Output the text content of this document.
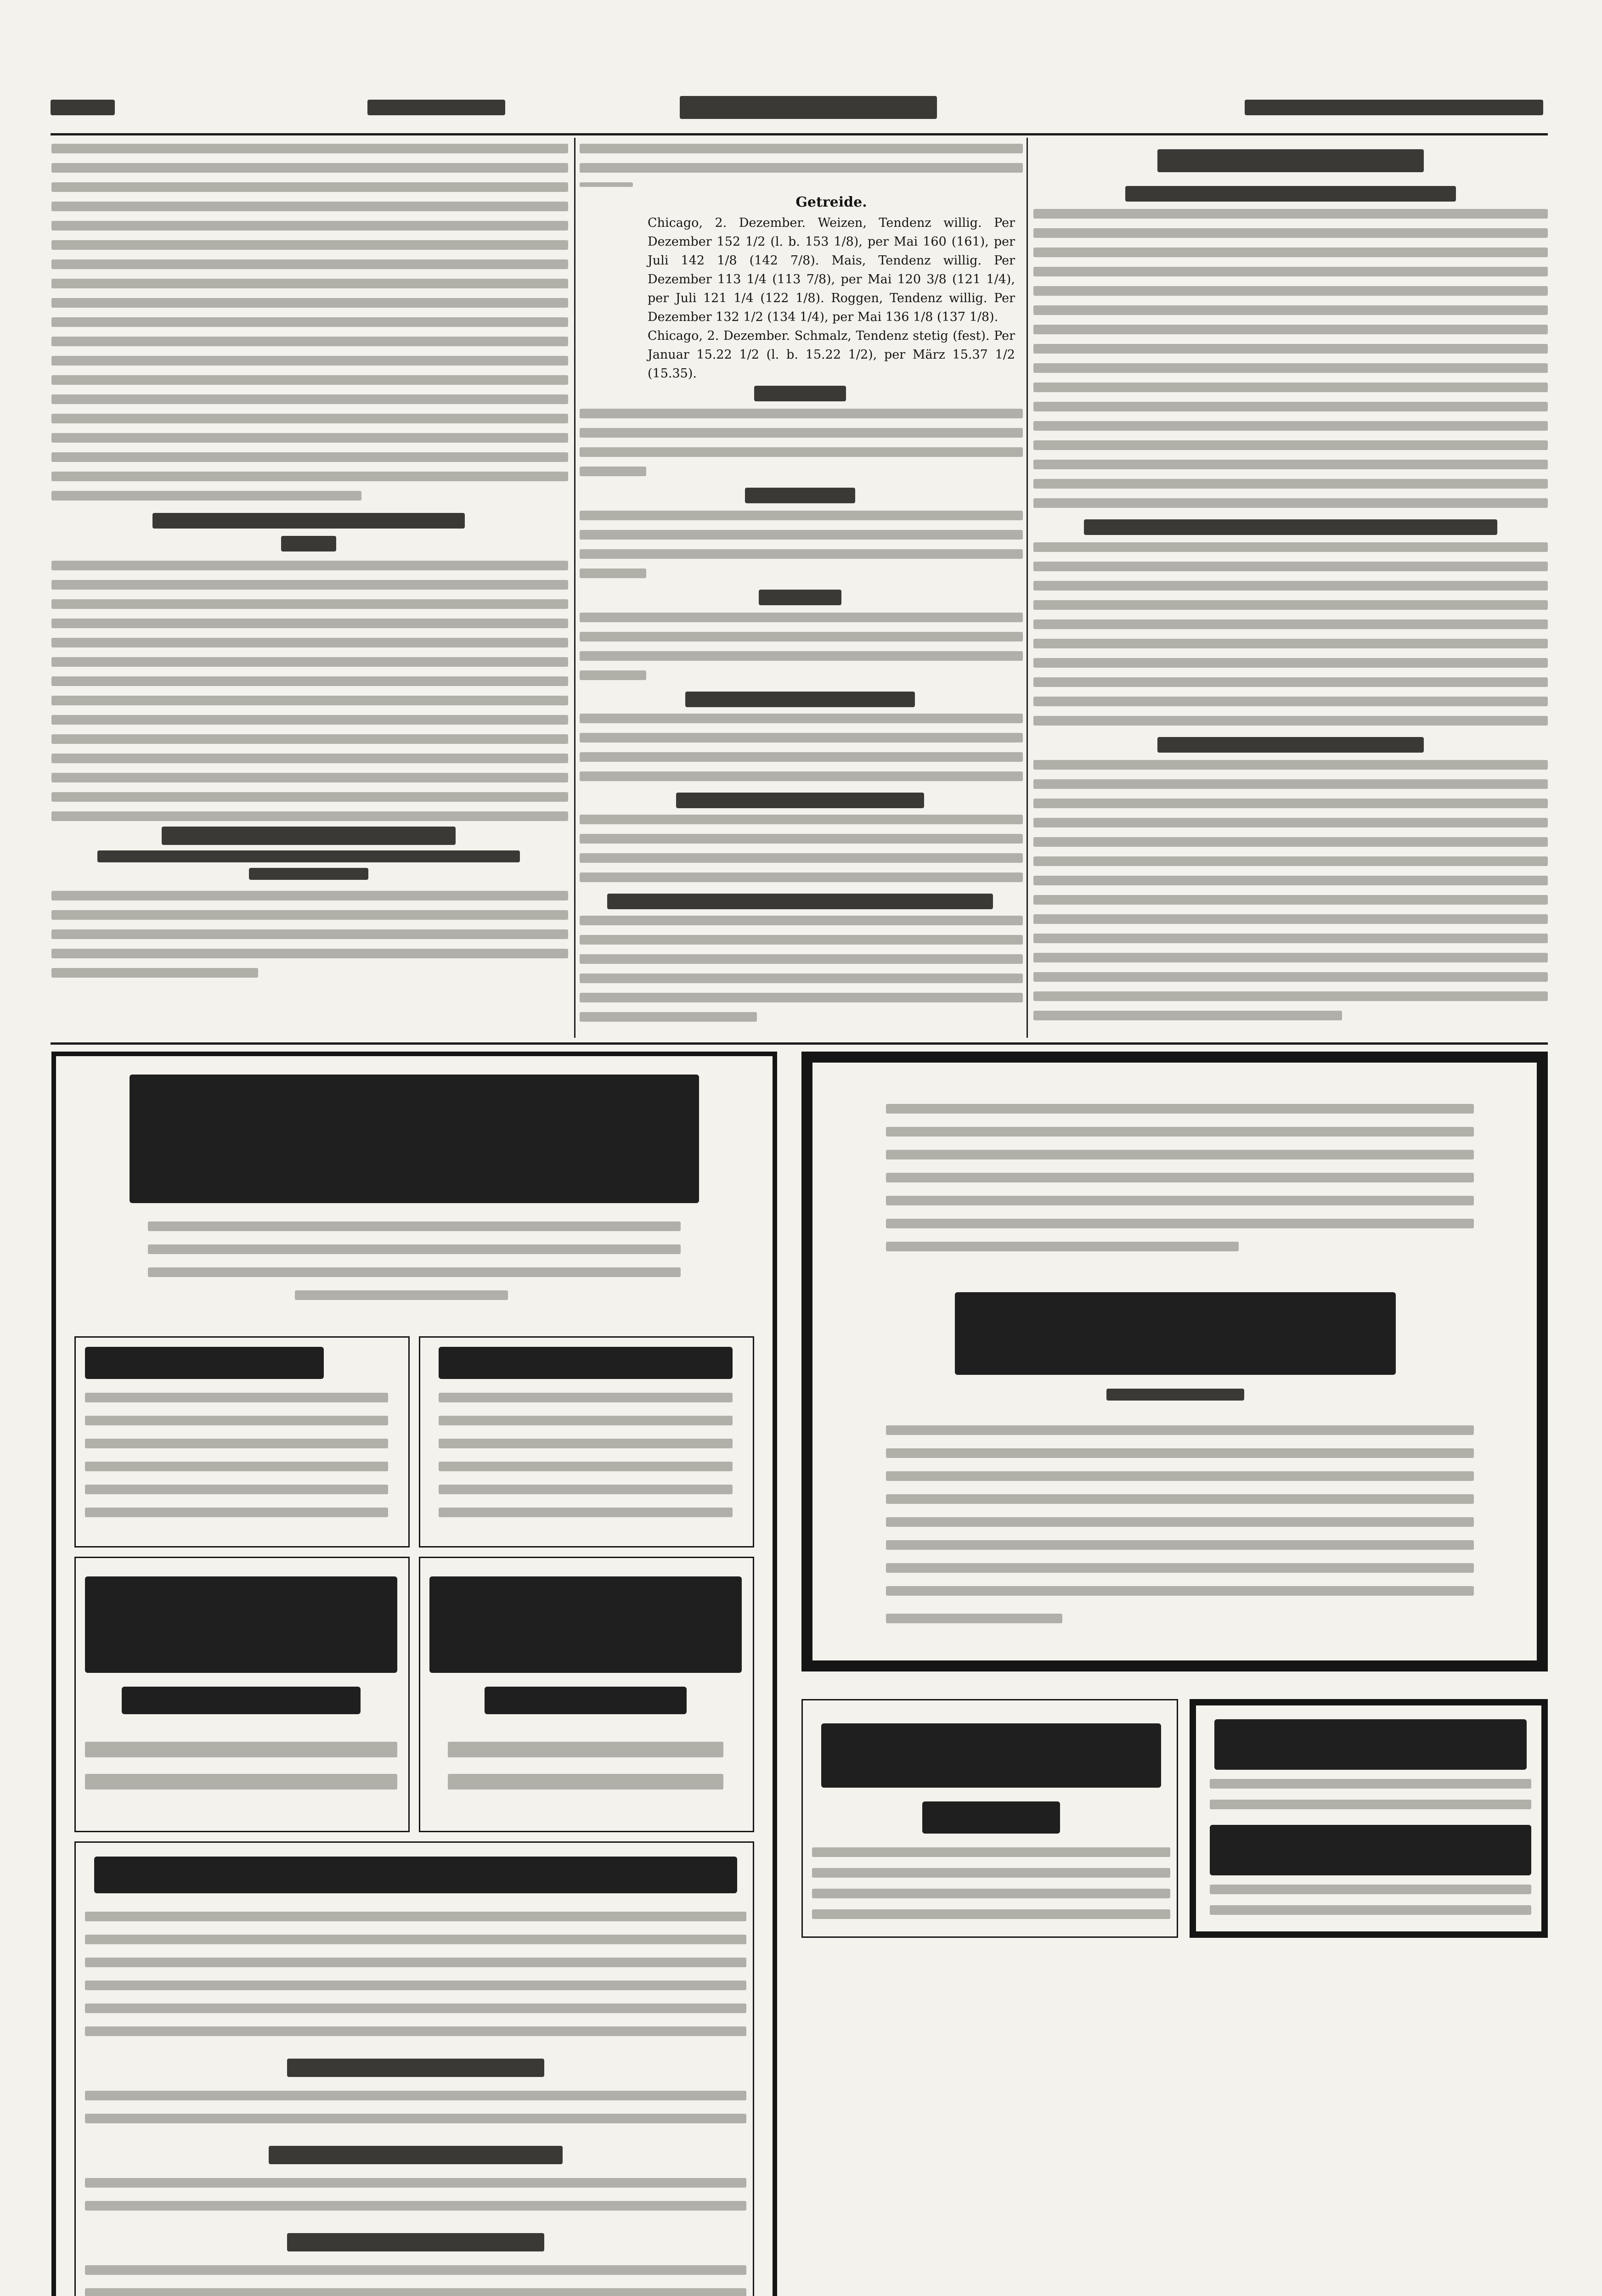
Getreide.

Chicago, 2. Dezember. Weizen, Tendenz willig. Per Dezember 152 1/2 (l. b. 153 1/8), per Mai 160 (161), per Juli 142 1/8 (142 7/8). Mais, Tendenz willig. Per Dezember 113 1/4 (113 7/8), per Mai 120 3/8 (121 1/4), per Juli 121 1/4 (122 1/8). Roggen, Tendenz willig. Per Dezember 132 1/2 (134 1/4), per Mai 136 1/8 (137 1/8).

Chicago, 2. Dezember. Schmalz, Tendenz stetig (fest). Per Januar 15.22 1/2 (l. b. 15.22 1/2), per März 15.37 1/2 (15.35).
